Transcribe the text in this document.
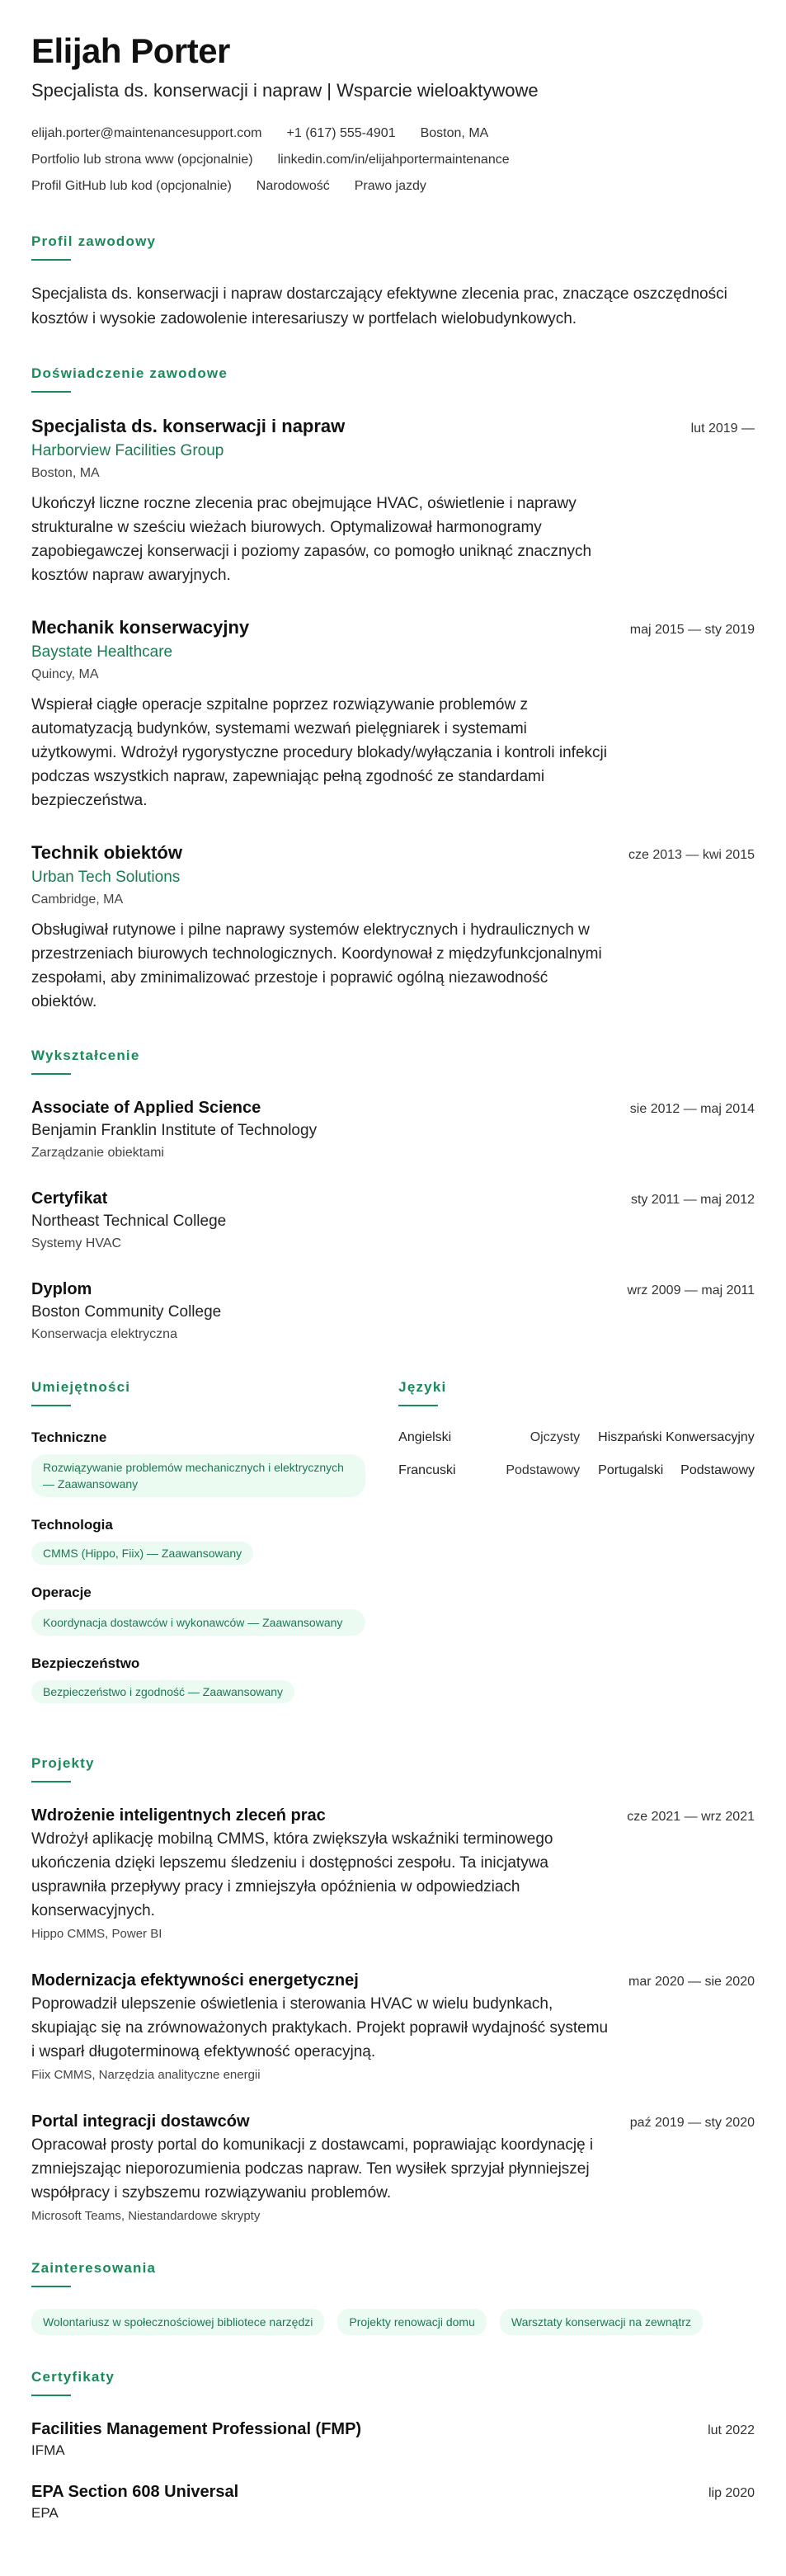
Elijah Porter
Specjalista ds. konserwacji i napraw | Wsparcie wieloaktywowe
elijah.porter@maintenancesupport.com +1 (617) 555-4901 Boston, MA
Portfolio lub strona www (opcjonalnie) linkedin.com/in/elijahportermaintenance
Profil GitHub lub kod (opcjonalnie) Narodowość Prawo jazdy
Profil zawodowy
Specjalista ds. konserwacji i napraw dostarczający efektywne zlecenia prac, znaczące oszczędności kosztów i wysokie zadowolenie interesariuszy w portfelach wielobudynkowych.
Doświadczenie zawodowe
Specjalista ds. konserwacji i napraw	lut 2019 —
Harborview Facilities Group
Boston, MA
Ukończył liczne roczne zlecenia prac obejmujące HVAC, oświetlenie i naprawy strukturalne w sześciu wieżach biurowych. Optymalizował harmonogramy zapobiegawczej konserwacji i poziomy zapasów, co pomogło uniknąć znacznych kosztów napraw awaryjnych.
Mechanik konserwacyjny	maj 2015 — sty 2019
Baystate Healthcare
Quincy, MA
Wspierał ciągłe operacje szpitalne poprzez rozwiązywanie problemów z automatyzacją budynków, systemami wezwań pielęgniarek i systemami użytkowymi. Wdrożył rygorystyczne procedury blokady/wyłączania i kontroli infekcji podczas wszystkich napraw, zapewniając pełną zgodność ze standardami bezpieczeństwa.
Technik obiektów	cze 2013 — kwi 2015
Urban Tech Solutions
Cambridge, MA
Obsługiwał rutynowe i pilne naprawy systemów elektrycznych i hydraulicznych w przestrzeniach biurowych technologicznych. Koordynował z międzyfunkcjonalnymi zespołami, aby zminimalizować przestoje i poprawić ogólną niezawodność obiektów.
Wykształcenie
Associate of Applied Science	sie 2012 — maj 2014
Benjamin Franklin Institute of Technology
Zarządzanie obiektami
Certyfikat	sty 2011 — maj 2012
Northeast Technical College
Systemy HVAC
Dyplom	wrz 2009 — maj 2011
Boston Community College
Konserwacja elektryczna
Umiejętności
Techniczne
Rozwiązywanie problemów mechanicznych i elektrycznych — Zaawansowany
Technologia
CMMS (Hippo, Fiix) — Zaawansowany
Operacje
Koordynacja dostawców i wykonawców — Zaawansowany
Bezpieczeństwo
Bezpieczeństwo i zgodność — Zaawansowany
Języki
Angielski	Ojczysty	Hiszpański Konwersacyjny
Francuski	Podstawowy	Portugalski	Podstawowy
Projekty
Wdrożenie inteligentnych zleceń prac	cze 2021 — wrz 2021
Wdrożył aplikację mobilną CMMS, która zwiększyła wskaźniki terminowego ukończenia dzięki lepszemu śledzeniu i dostępności zespołu. Ta inicjatywa usprawniła przepływy pracy i zmniejszyła opóźnienia w odpowiedziach konserwacyjnych.
Hippo CMMS, Power BI
Modernizacja efektywności energetycznej	mar 2020 — sie 2020
Poprowadził ulepszenie oświetlenia i sterowania HVAC w wielu budynkach, skupiając się na zrównoważonych praktykach. Projekt poprawił wydajność systemu i wsparł długoterminową efektywność operacyjną.
Fiix CMMS, Narzędzia analityczne energii
Portal integracji dostawców	paź 2019 — sty 2020
Opracował prosty portal do komunikacji z dostawcami, poprawiając koordynację i zmniejszając nieporozumienia podczas napraw. Ten wysiłek sprzyjał płynniejszej współpracy i szybszemu rozwiązywaniu problemów.
Microsoft Teams, Niestandardowe skrypty
Zainteresowania
Wolontariusz w społecznościowej bibliotece narzędzi	Projekty renowacji domu	Warsztaty konserwacji na zewnątrz
Certyfikaty
Facilities Management Professional (FMP)	lut 2022
IFMA
EPA Section 608 Universal	lip 2020
EPA
